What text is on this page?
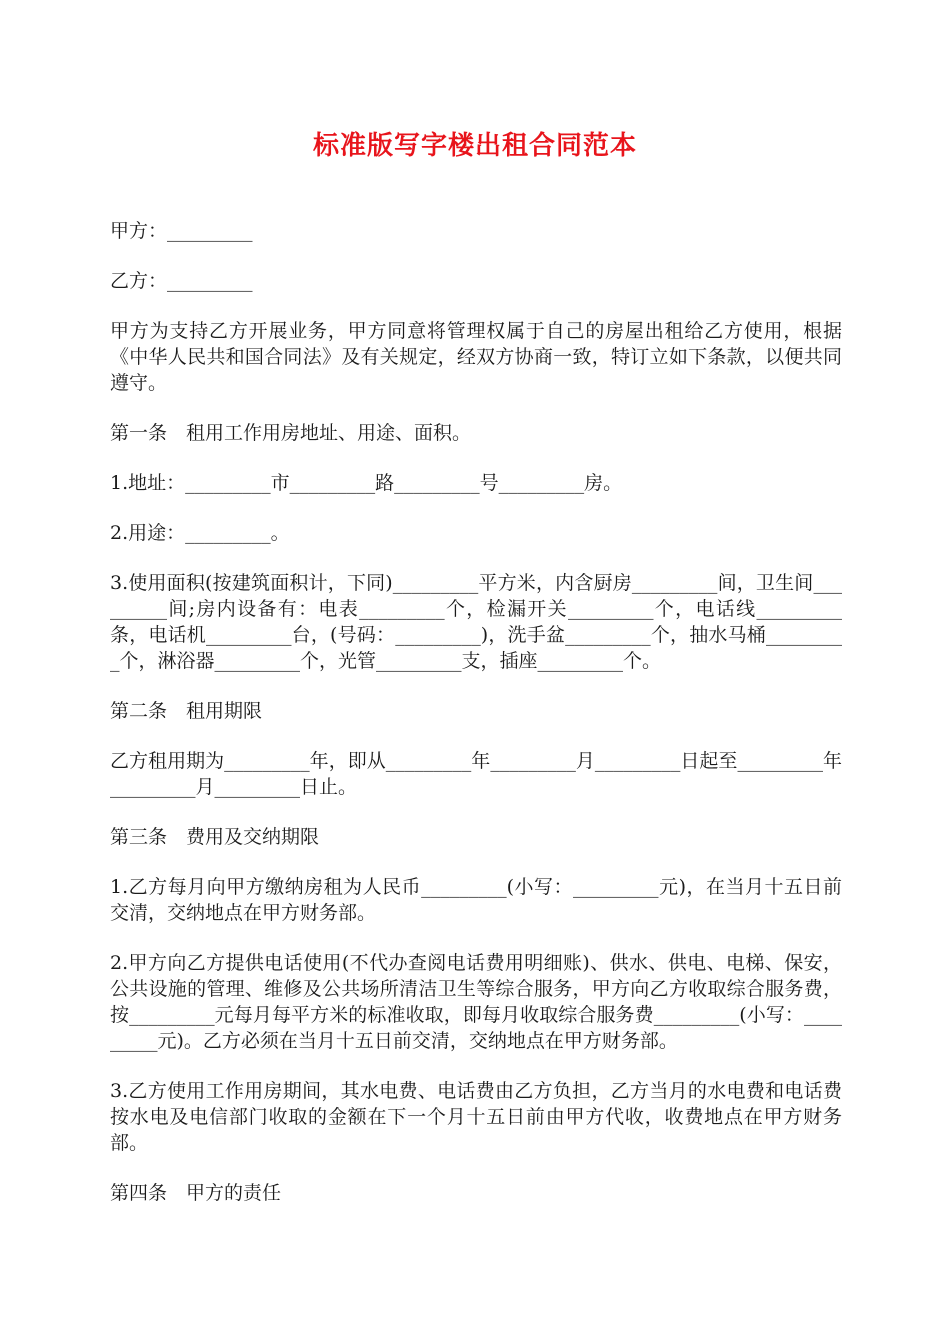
标准版写字楼出租合同范本

甲方：_________

乙方：_________

甲方为支持乙方开展业务，甲方同意将管理权属于自己的房屋出租给乙方使用，根据《中华人民共和国合同法》及有关规定，经双方协商一致，特订立如下条款，以便共同遵守。

第一条　租用工作用房地址、用途、面积。

1.地址：_________市_________路_________号_________房。

2.用途：_________。

3.使用面积(按建筑面积计，下同)_________平方米，内含厨房_________间，卫生间_________间;房内设备有：电表_________个，检漏开关_________个，电话线_________条，电话机_________台，(号码：_________)，洗手盆_________个，抽水马桶_________个，淋浴器_________个，光管_________支，插座_________个。

第二条　租用期限

乙方租用期为_________年，即从_________年_________月_________日起至_________年_________月_________日止。

第三条　费用及交纳期限

1.乙方每月向甲方缴纳房租为人民币_________(小写：_________元)，在当月十五日前交清，交纳地点在甲方财务部。

2.甲方向乙方提供电话使用(不代办查阅电话费用明细账)、供水、供电、电梯、保安，公共设施的管理、维修及公共场所清洁卫生等综合服务，甲方向乙方收取综合服务费，按_________元每月每平方米的标准收取，即每月收取综合服务费_________(小写：_________元)。乙方必须在当月十五日前交清，交纳地点在甲方财务部。

3.乙方使用工作用房期间，其水电费、电话费由乙方负担，乙方当月的水电费和电话费按水电及电信部门收取的金额在下一个月十五日前由甲方代收，收费地点在甲方财务部。

第四条　甲方的责任
